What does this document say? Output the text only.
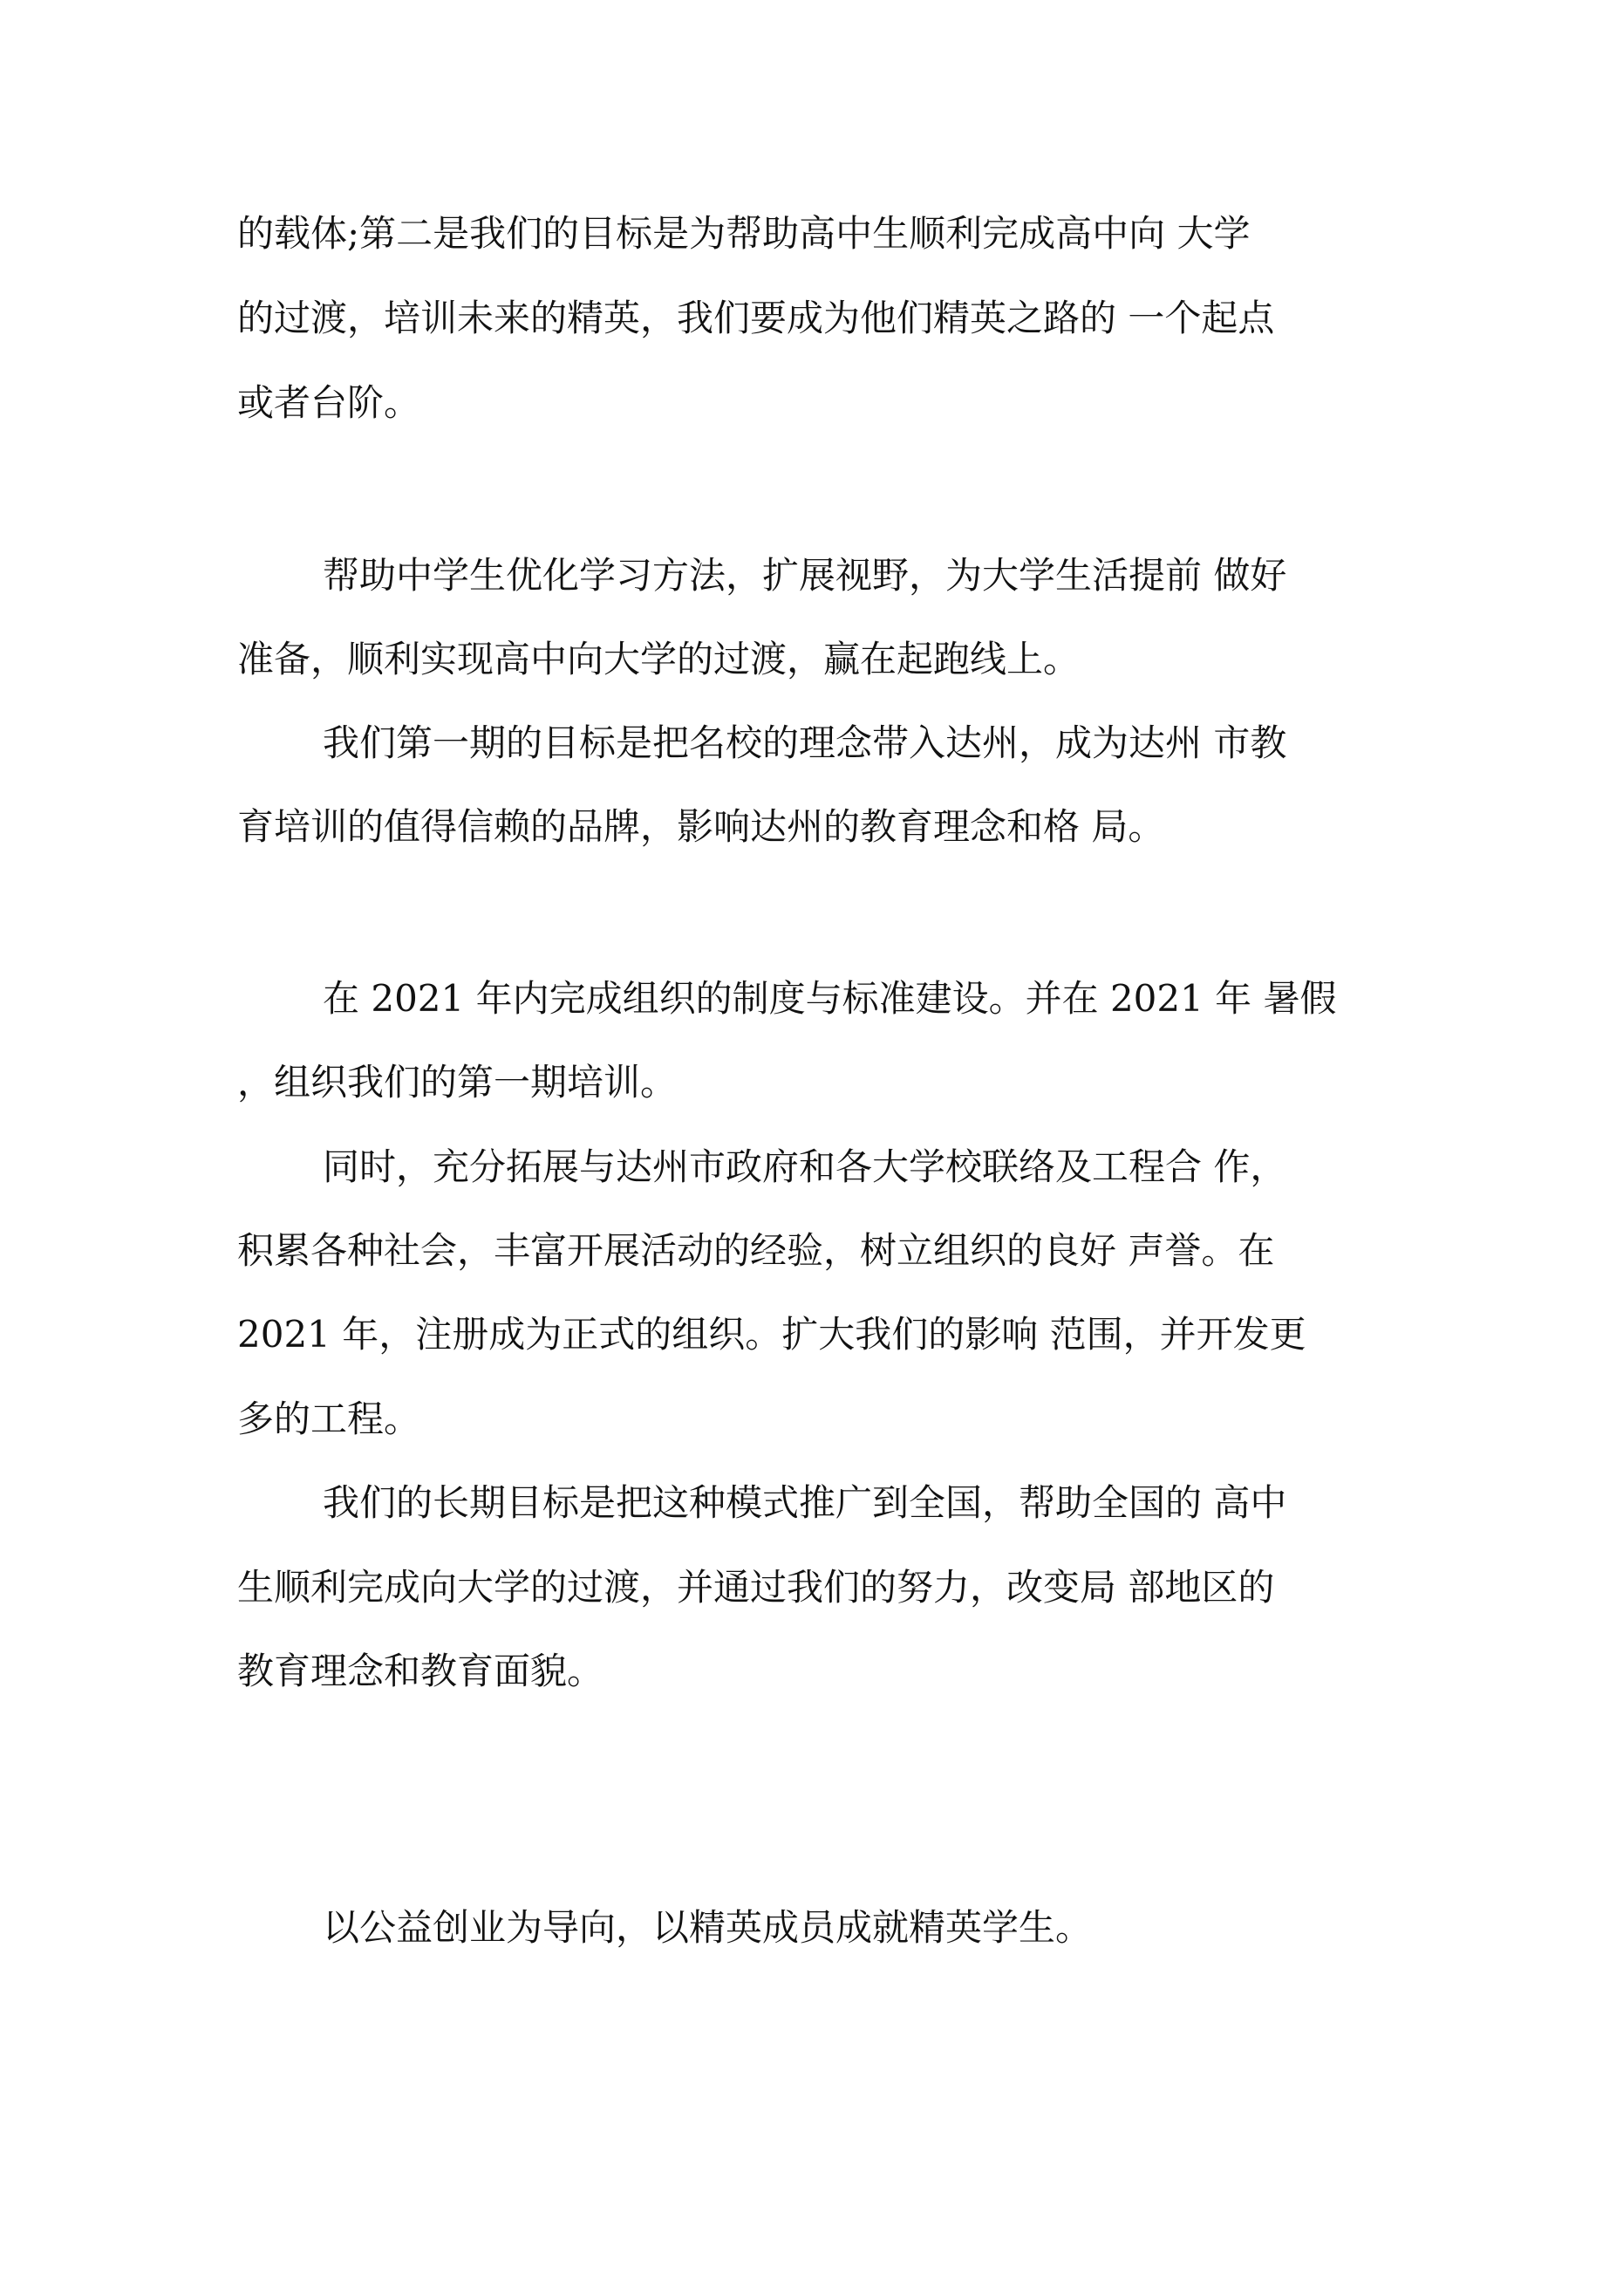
的载体;第二是我们的目标是为帮助高中生顺利完成高中向 大学

的过渡，培训未来的精英，我们要成为他们精英之路的 一个起点

或者台阶。

帮助中学生优化学习方法，扩展视野，为大学生活提前 做好

准备，顺利实现高中向大学的过渡，赢在起跑线上。

我们第一期的目标是把名校的理念带入达州，成为达州 市教

育培训的值得信赖的品牌，影响达州的教育理念和格 局。

在 2021 年内完成组织的制度与标准建设。并在 2021 年 暑假

，组织我们的第一期培训。

同时，充分拓展与达州市政府和各大学校联络及工程合 作，

积累各种社会，丰富开展活动的经验，树立组织的良好 声誉。在

2021 年，注册成为正式的组织。扩大我们的影响 范围，并开发更

多的工程。

我们的长期目标是把这种模式推广到全国，帮助全国的 高中

生顺利完成向大学的过渡，并通过我们的努力，改变局 部地区的

教育理念和教育面貌。

以公益创业为导向，以精英成员成就精英学生。
